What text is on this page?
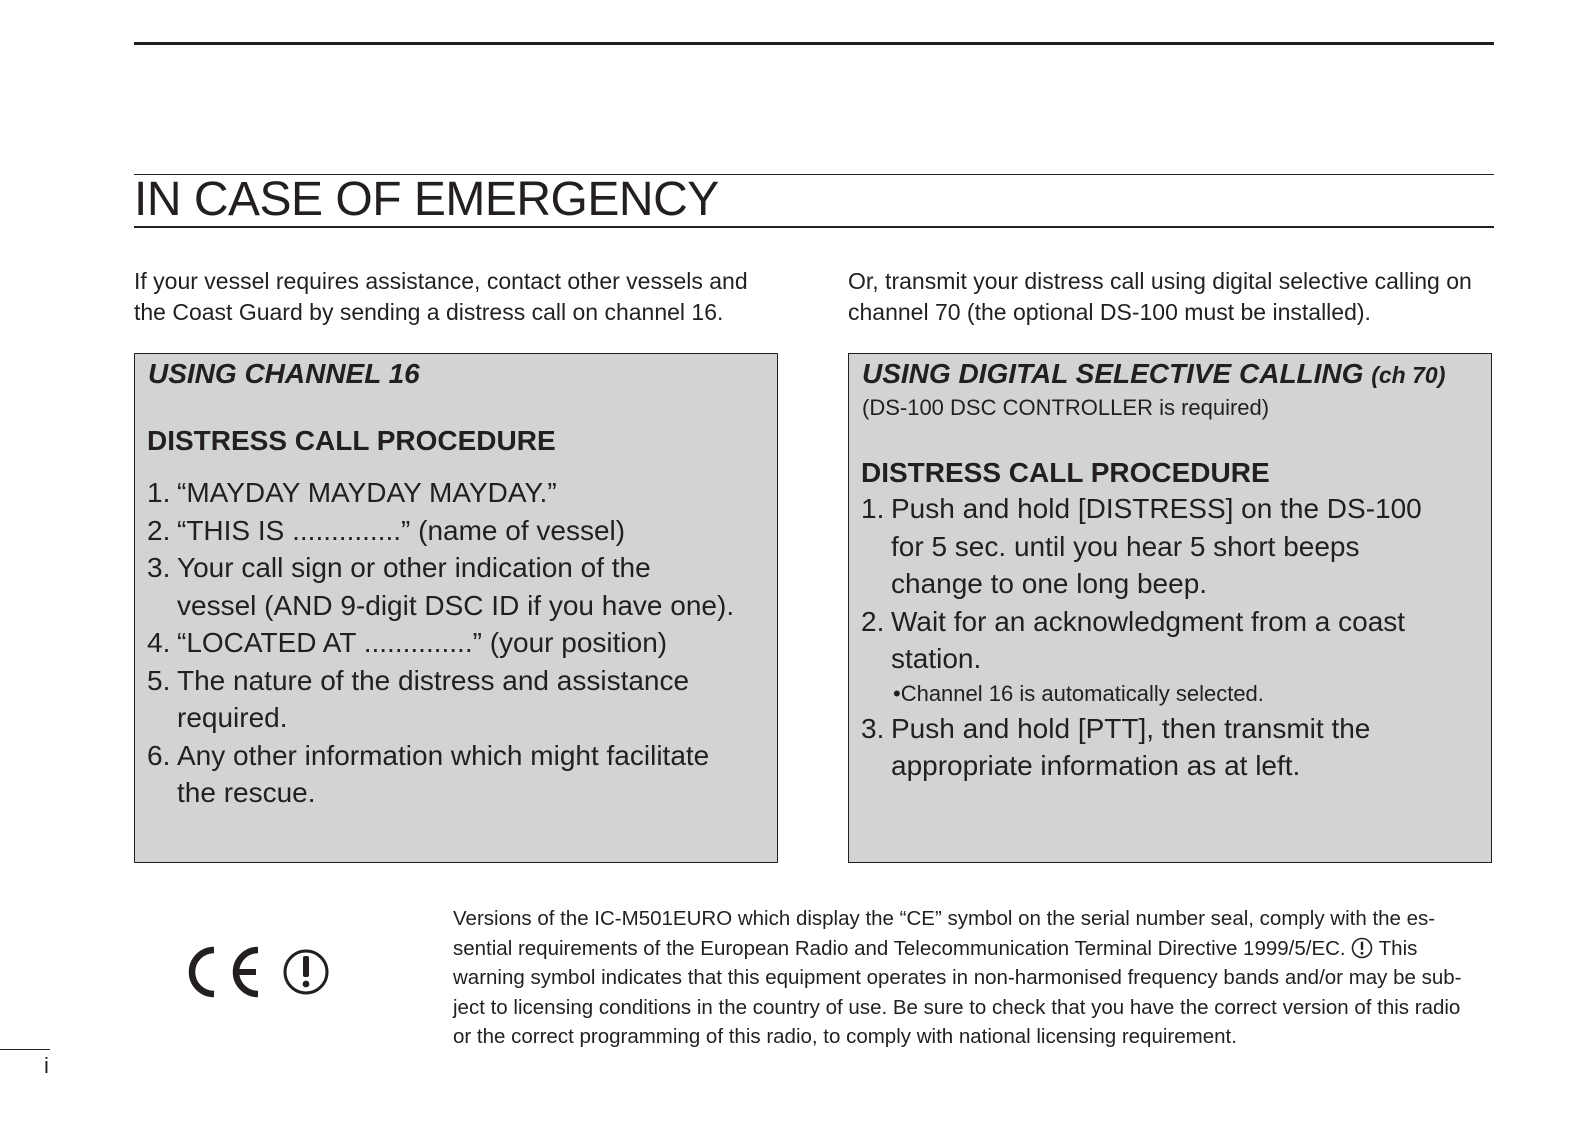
IN CASE OF EMERGENCY
If your vessel requires assistance, contact other vessels and
the Coast Guard by sending a distress call on channel 16.
Or, transmit your distress call using digital selective calling on
channel 70 (the optional DS-100 must be installed).
USING CHANNEL 16
DISTRESS CALL PROCEDURE
1. “MAYDAY MAYDAY MAYDAY.”
2. “THIS IS ..............” (name of vessel)
3. Your call sign or other indication of the
vessel (AND 9-digit DSC ID if you have one).
4. “LOCATED AT ..............” (your position)
5. The nature of the distress and assistance
required.
6. Any other information which might facilitate
the rescue.
USING DIGITAL SELECTIVE CALLING (ch 70)
(DS-100 DSC CONTROLLER is required)
DISTRESS CALL PROCEDURE
1. Push and hold [DISTRESS] on the DS-100
for 5 sec. until you hear 5 short beeps
change to one long beep.
2. Wait for an acknowledgment from a coast
station.
•Channel 16 is automatically selected.
3. Push and hold [PTT], then transmit the
appropriate information as at left.
Versions of the IC-M501EURO which display the “CE” symbol on the serial number seal, comply with the es-
sential requirements of the European Radio and Telecommunication Terminal Directive 1999/5/EC. This
warning symbol indicates that this equipment operates in non-harmonised frequency bands and/or may be sub-
ject to licensing conditions in the country of use. Be sure to check that you have the correct version of this radio
or the correct programming of this radio, to comply with national licensing requirement.
i
